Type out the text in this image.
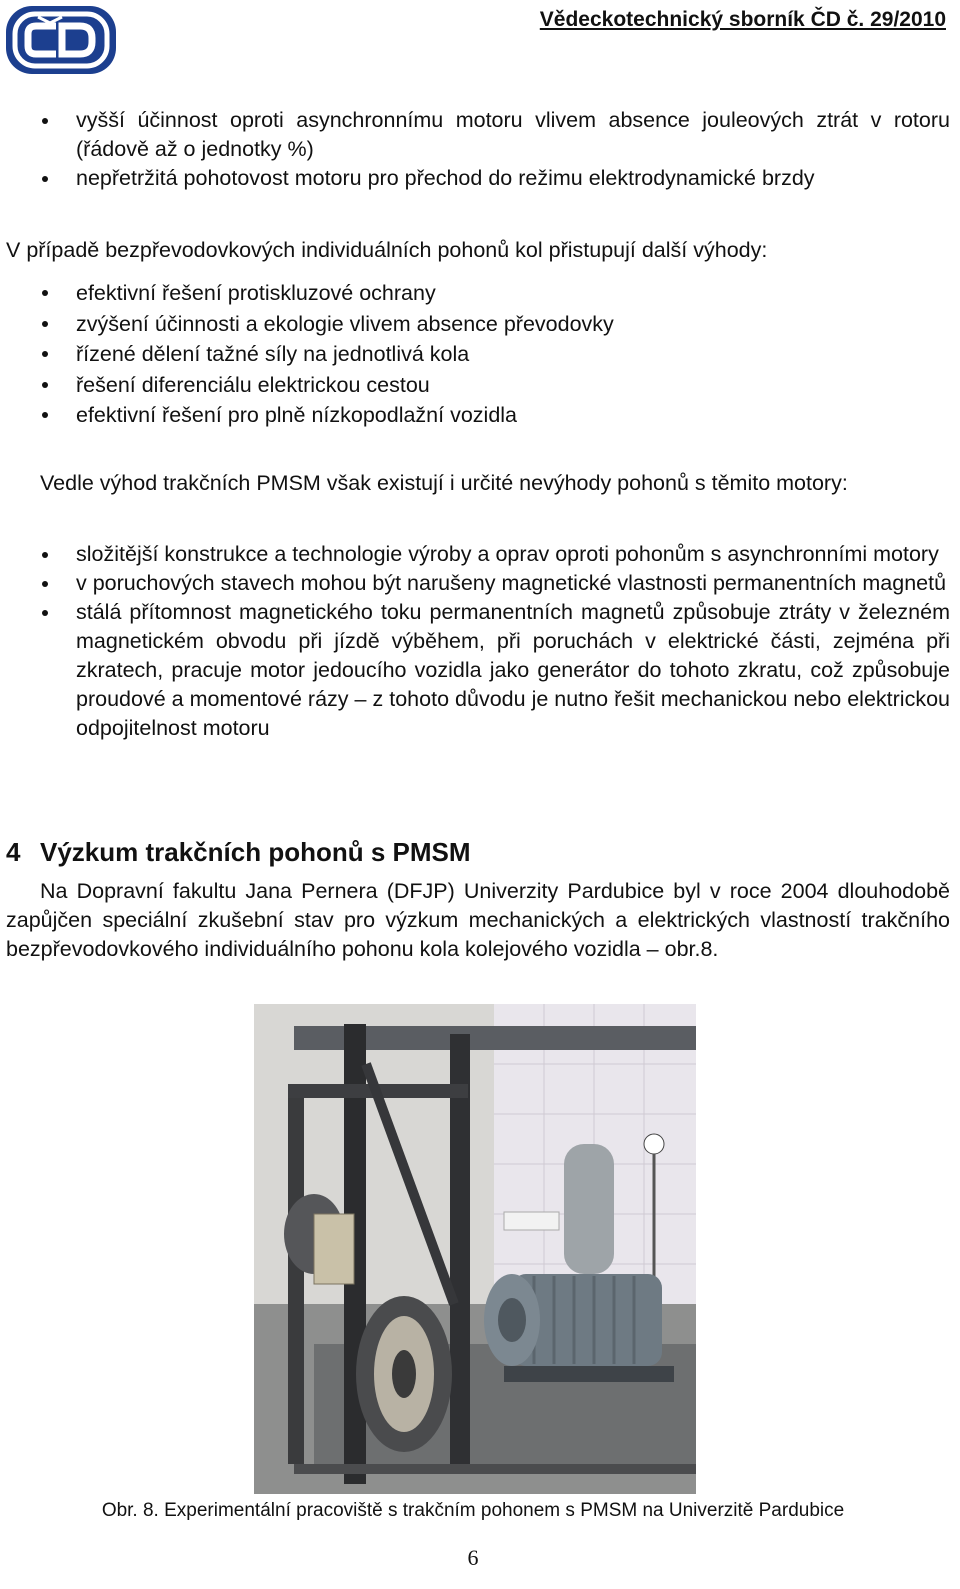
Vědeckotechnický sborník ČD č. 29/2010
vyšší účinnost oproti asynchronnímu motoru vlivem absence jouleových ztrát v rotoru (řádově až o jednotky %)
nepřetržitá pohotovost motoru pro přechod do režimu elektrodynamické brzdy
V případě bezpřevodovkových individuálních pohonů kol přistupují další výhody:
efektivní řešení protiskluzové ochrany
zvýšení účinnosti a ekologie vlivem absence převodovky
řízené dělení tažné síly na jednotlivá kola
řešení diferenciálu elektrickou cestou
efektivní řešení pro plně nízkopodlažní vozidla
Vedle výhod trakčních PMSM však existují i určité nevýhody pohonů s těmito motory:
složitější konstrukce a technologie výroby a oprav oproti pohonům s asynchronními motory
v poruchových stavech mohou být narušeny magnetické vlastnosti permanentních magnetů
stálá přítomnost magnetického toku permanentních magnetů způsobuje ztráty v železném magnetickém obvodu při jízdě výběhem, při poruchách v elektrické části, zejména při zkratech, pracuje motor jedoucího vozidla jako generátor do tohoto zkratu, což způsobuje proudové a momentové rázy – z tohoto důvodu je nutno řešit mechanickou nebo elektrickou odpojitelnost motoru
4 Výzkum trakčních pohonů s PMSM
Na Dopravní fakultu Jana Pernera (DFJP) Univerzity Pardubice byl v roce 2004 dlouhodobě zapůjčen speciální zkušební stav pro výzkum mechanických a elektrických vlastností trakčního bezpřevodovkového individuálního pohonu kola kolejového vozidla – obr.8.
Obr. 8. Experimentální pracoviště s trakčním pohonem s PMSM na Univerzitě Pardubice
6
